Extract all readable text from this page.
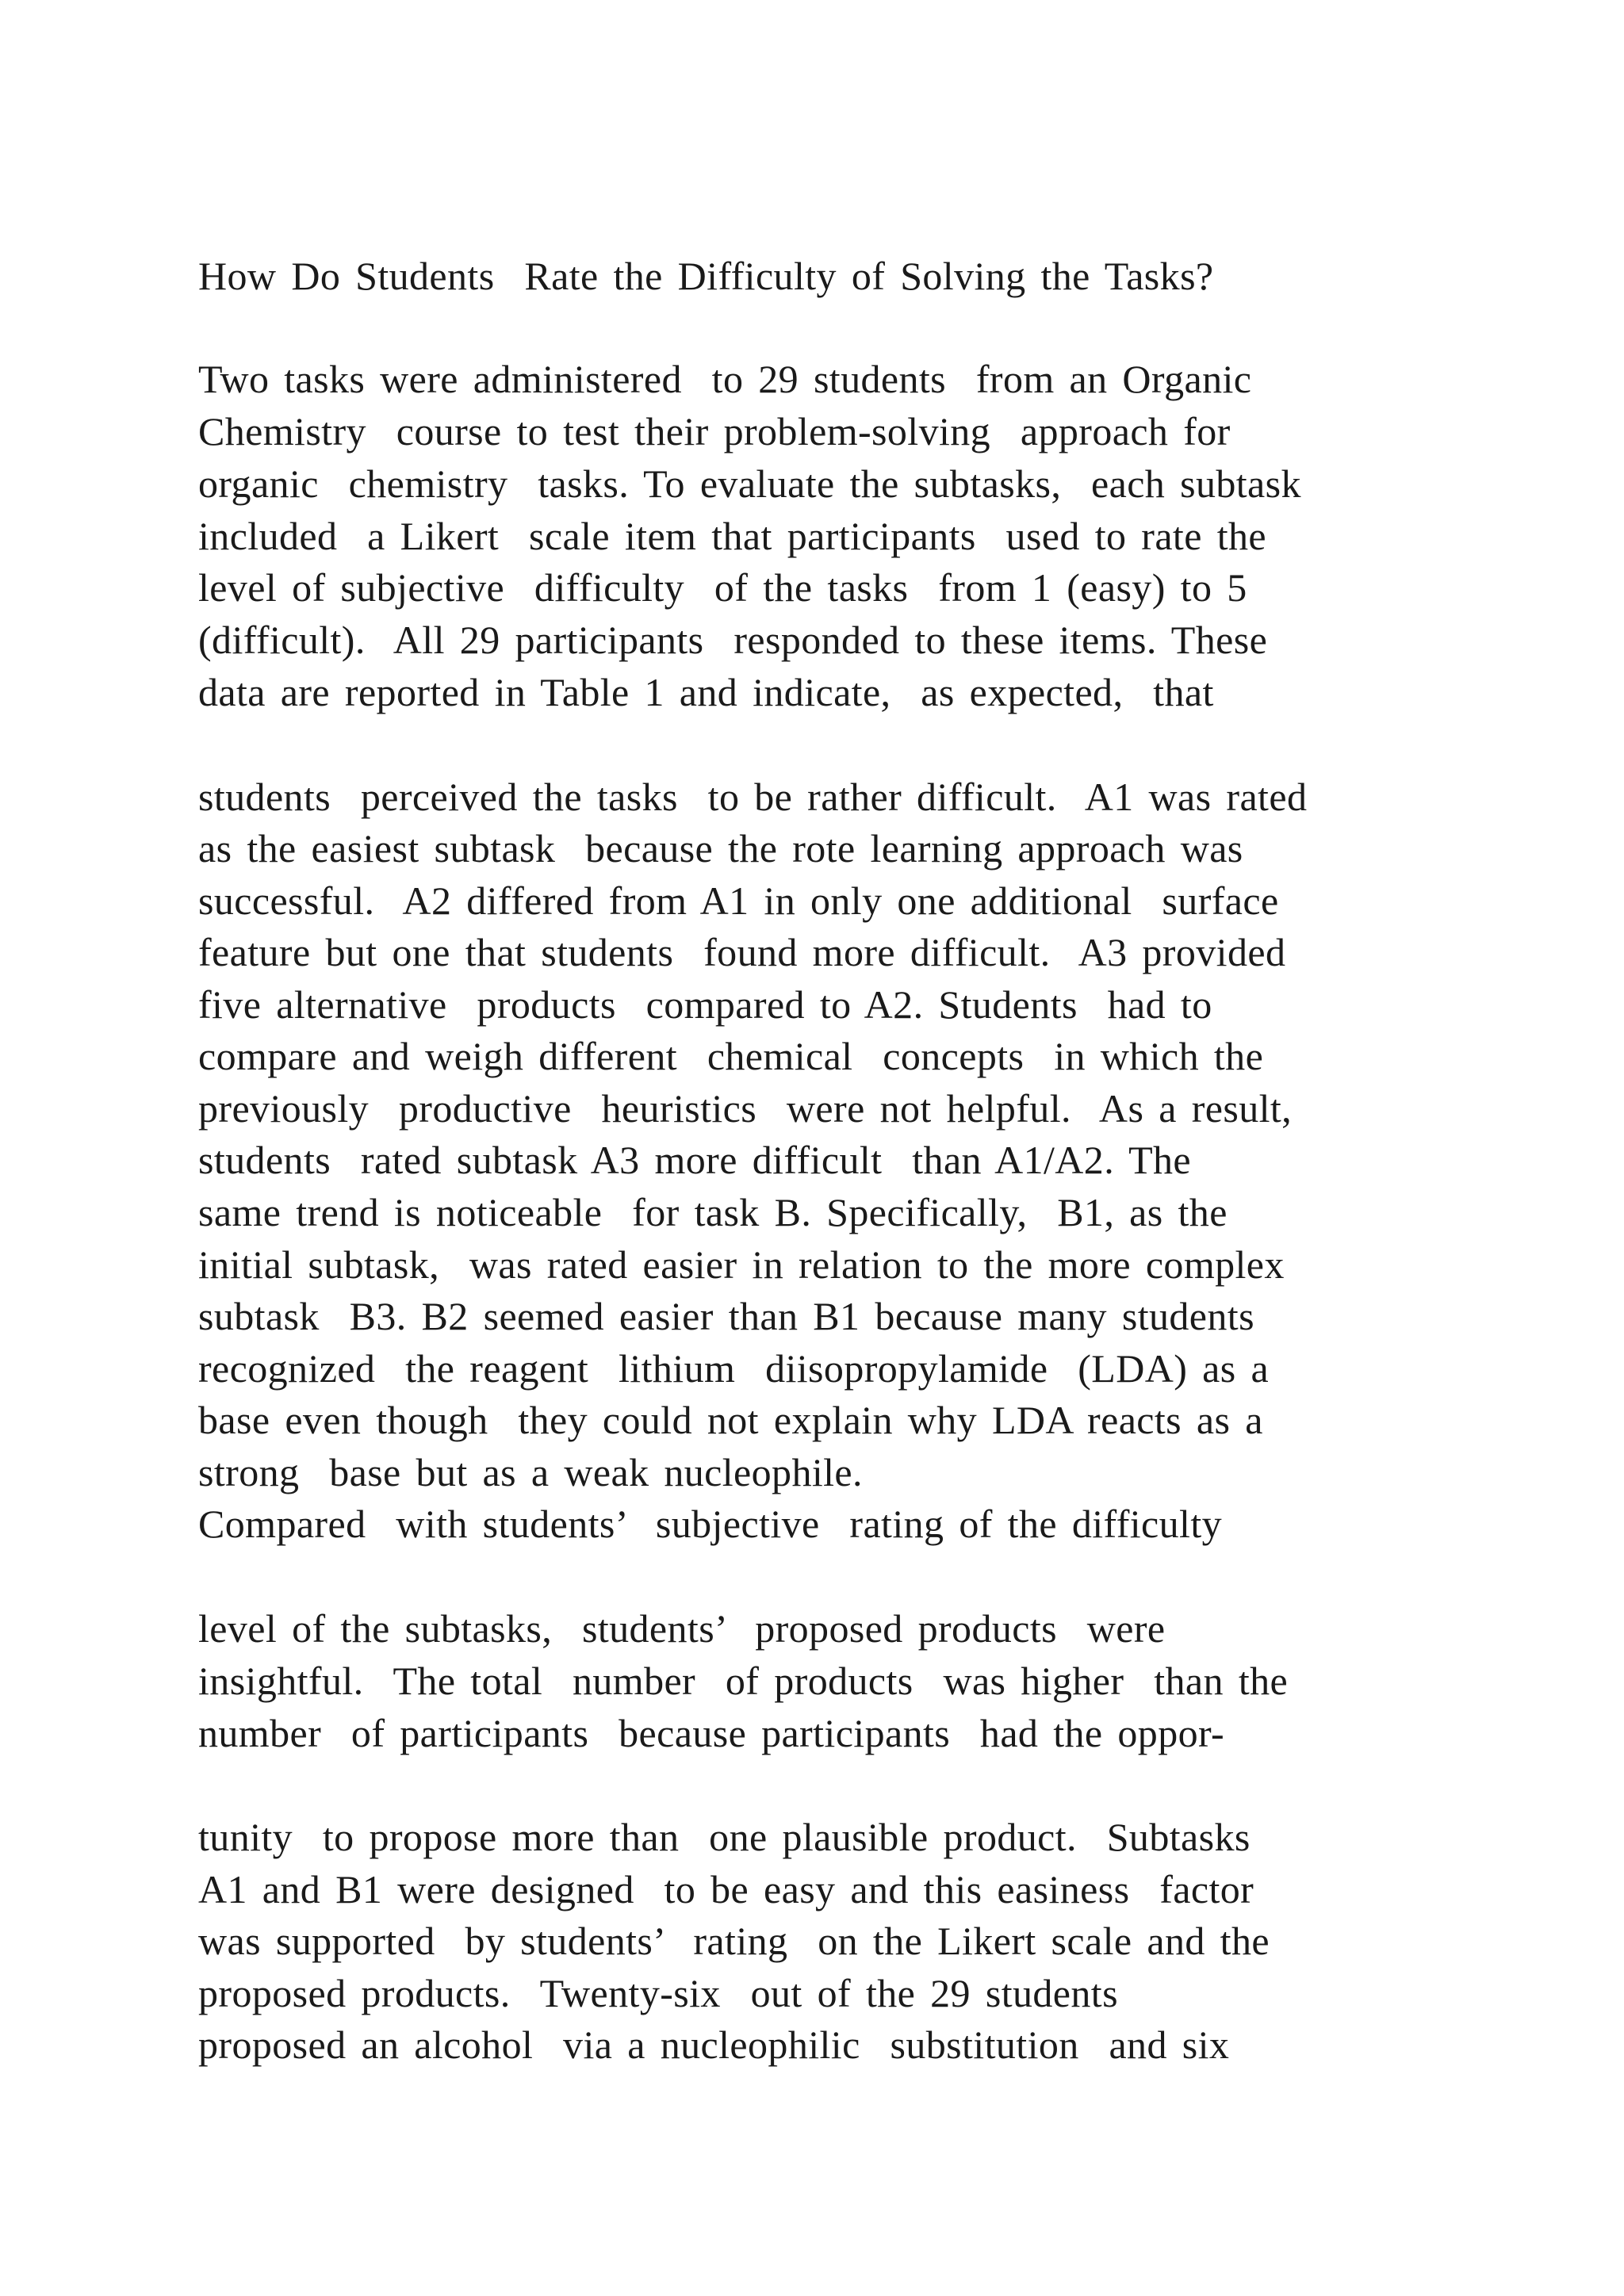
How Do Students  Rate the Difficulty of Solving the Tasks?
Two tasks were administered  to 29 students  from an Organic
Chemistry  course to test their problem-solving  approach for
organic  chemistry  tasks. To evaluate the subtasks,  each subtask
included  a Likert  scale item that participants  used to rate the
level of subjective  difficulty  of the tasks  from 1 (easy) to 5
(difficult).  All 29 participants  responded to these items. These
data are reported in Table 1 and indicate,  as expected,  that
students  perceived the tasks  to be rather difficult.  A1 was rated
as the easiest subtask  because the rote learning approach was
successful.  A2 differed from A1 in only one additional  surface
feature but one that students  found more difficult.  A3 provided
five alternative  products  compared to A2. Students  had to
compare and weigh different  chemical  concepts  in which the
previously  productive  heuristics  were not helpful.  As a result,
students  rated subtask A3 more difficult  than A1/A2. The
same trend is noticeable  for task B. Specifically,  B1, as the
initial subtask,  was rated easier in relation to the more complex
subtask  B3. B2 seemed easier than B1 because many students
recognized  the reagent  lithium  diisopropylamide  (LDA) as a
base even though  they could not explain why LDA reacts as a
strong  base but as a weak nucleophile.
Compared  with students’  subjective  rating of the difficulty
level of the subtasks,  students’  proposed products  were
insightful.  The total  number  of products  was higher  than the
number  of participants  because participants  had the oppor-
tunity  to propose more than  one plausible product.  Subtasks
A1 and B1 were designed  to be easy and this easiness  factor
was supported  by students’  rating  on the Likert scale and the
proposed products.  Twenty-six  out of the 29 students
proposed an alcohol  via a nucleophilic  substitution  and six
